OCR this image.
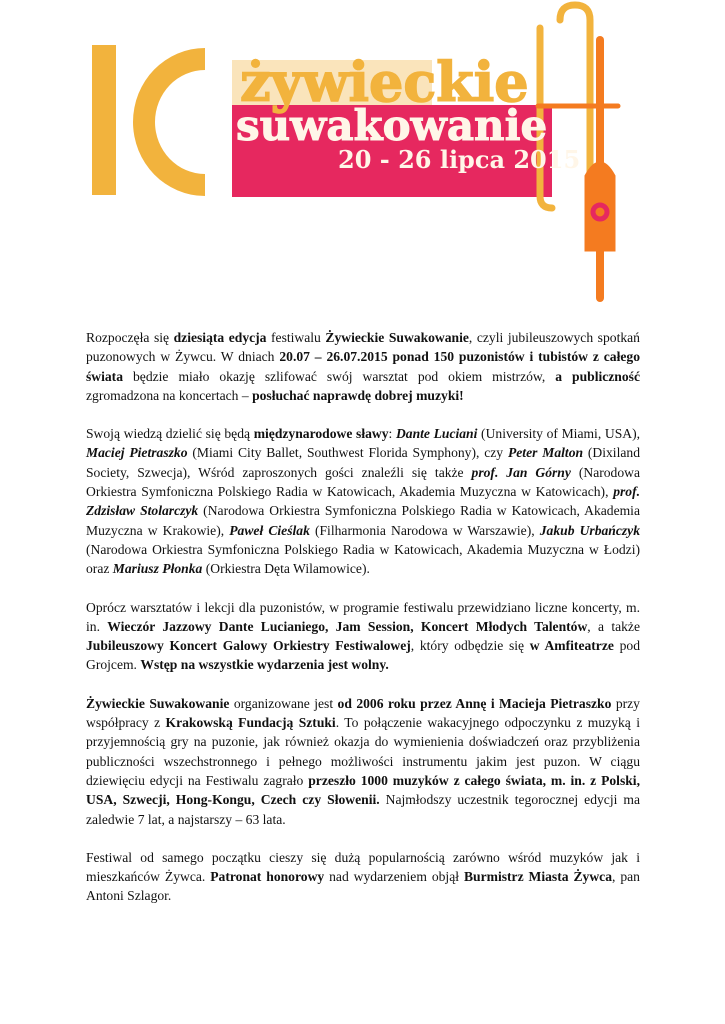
żywieckie
suwakowanie
20 - 26 lipca 2015

Rozpoczęła się dziesiąta edycja festiwalu Żywieckie Suwakowanie, czyli jubileuszowych spotkań puzonowych w Żywcu. W dniach 20.07 – 26.07.2015 ponad 150 puzonistów i tubistów z całego świata będzie miało okazję szlifować swój warsztat pod okiem mistrzów, a publiczność zgromadzona na koncertach – posłuchać naprawdę dobrej muzyki!

Swoją wiedzą dzielić się będą międzynarodowe sławy: Dante Luciani (University of Miami, USA), Maciej Pietraszko (Miami City Ballet, Southwest Florida Symphony), czy Peter Malton (Dixiland Society, Szwecja), Wśród zaproszonych gości znaleźli się także prof. Jan Górny (Narodowa Orkiestra Symfoniczna Polskiego Radia w Katowicach, Akademia Muzyczna w Katowicach), prof. Zdzisław Stolarczyk (Narodowa Orkiestra Symfoniczna Polskiego Radia w Katowicach, Akademia Muzyczna w Krakowie), Paweł Cieślak (Filharmonia Narodowa w Warszawie), Jakub Urbańczyk (Narodowa Orkiestra Symfoniczna Polskiego Radia w Katowicach, Akademia Muzyczna w Łodzi) oraz Mariusz Płonka (Orkiestra Dęta Wilamowice).

Oprócz warsztatów i lekcji dla puzonistów, w programie festiwalu przewidziano liczne koncerty, m. in. Wieczór Jazzowy Dante Lucianiego, Jam Session, Koncert Młodych Talentów, a także Jubileuszowy Koncert Galowy Orkiestry Festiwalowej, który odbędzie się w Amfiteatrze pod Grojcem. Wstęp na wszystkie wydarzenia jest wolny.

Żywieckie Suwakowanie organizowane jest od 2006 roku przez Annę i Macieja Pietraszko przy współpracy z Krakowską Fundacją Sztuki. To połączenie wakacyjnego odpoczynku z muzyką i przyjemnością gry na puzonie, jak również okazja do wymienienia doświadczeń oraz przybliżenia publiczności wszechstronnego i pełnego możliwości instrumentu jakim jest puzon. W ciągu dziewięciu edycji na Festiwalu zagrało przeszło 1000 muzyków z całego świata, m. in. z Polski, USA, Szwecji, Hong-Kongu, Czech czy Słowenii. Najmłodszy uczestnik tegorocznej edycji ma zaledwie 7 lat, a najstarszy – 63 lata.

Festiwal od samego początku cieszy się dużą popularnością zarówno wśród muzyków jak i mieszkańców Żywca. Patronat honorowy nad wydarzeniem objął Burmistrz Miasta Żywca, pan Antoni Szlagor.
